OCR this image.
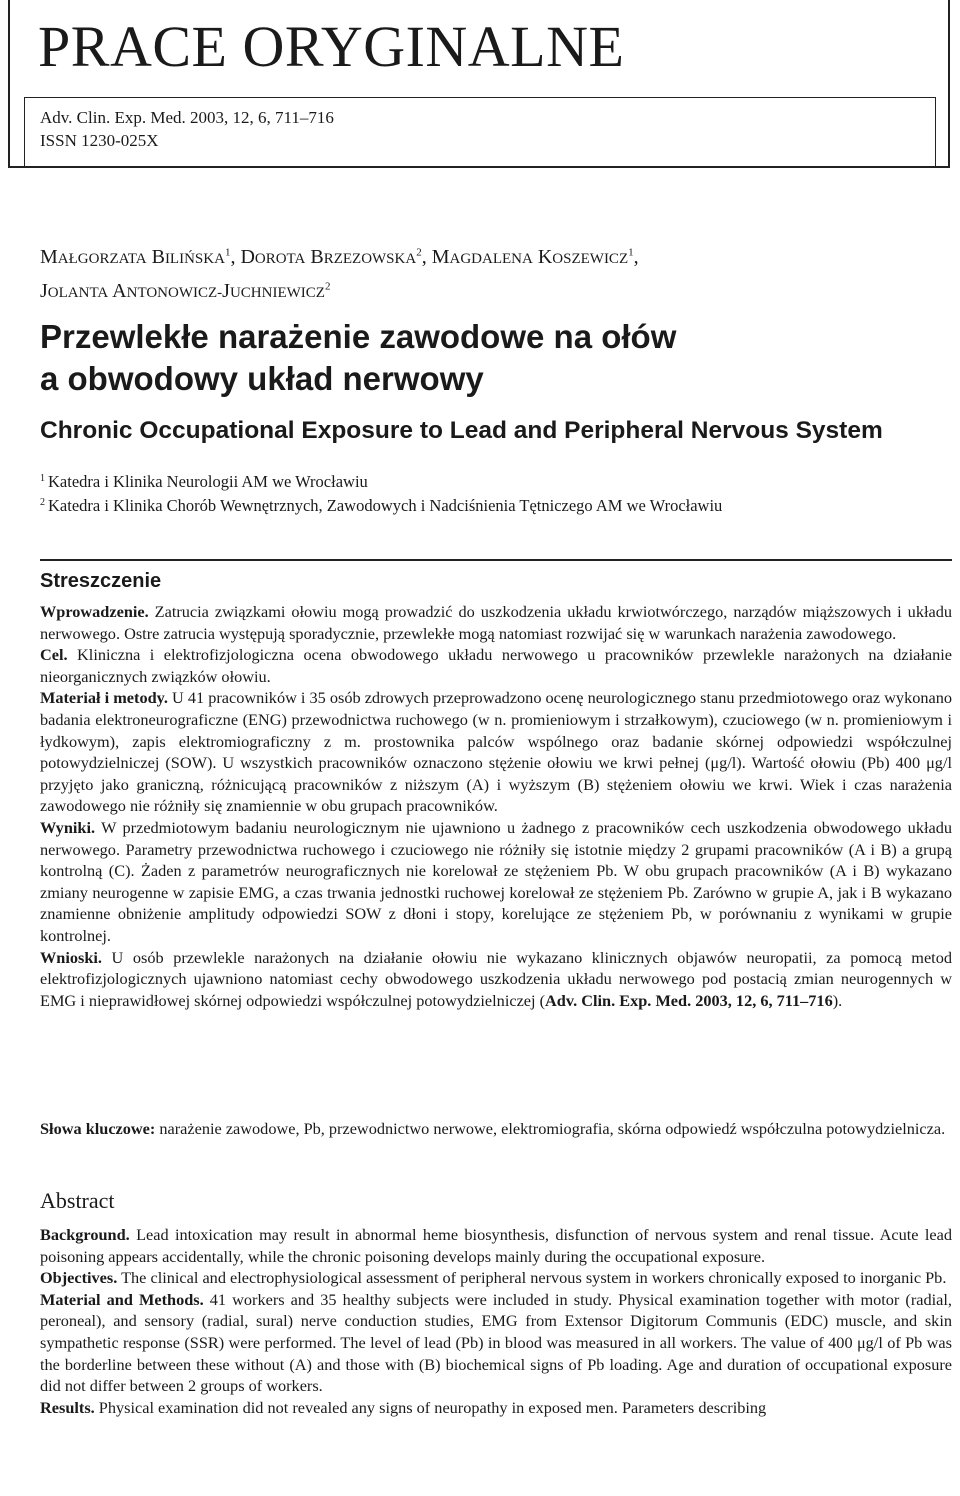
PRACE ORYGINALNE
Adv. Clin. Exp. Med. 2003, 12, 6, 711–716
ISSN 1230-025X
MAŁGORZATA BILIŃSKA$^1$, DOROTA BRZEZOWSKA$^2$, MAGDALENA KOSZEWICZ$^1$,
JOLANTA ANTONOWICZ-JUCHNIEWICZ$^2$
Przewlekłe narażenie zawodowe na ołów
a obwodowy układ nerwowy
Chronic Occupational Exposure to Lead and Peripheral Nervous System
$^1$ Katedra i Klinika Neurologii AM we Wrocławiu
$^2$ Katedra i Klinika Chorób Wewnętrznych, Zawodowych i Nadciśnienia Tętniczego AM we Wrocławiu
Streszczenie

Wprowadzenie. Zatrucia związkami ołowiu mogą prowadzić do uszkodzenia układu krwiotwórczego, narządów miąższowych i układu nerwowego. Ostre zatrucia występują sporadycznie, przewlekłe mogą natomiast rozwijać się w warunkach narażenia zawodowego.

Cel. Kliniczna i elektrofizjologiczna ocena obwodowego układu nerwowego u pracowników przewlekle narażonych na działanie nieorganicznych związków ołowiu.

Materiał i metody. U 41 pracowników i 35 osób zdrowych przeprowadzono ocenę neurologicznego stanu przedmiotowego oraz wykonano badania elektroneurograficzne (ENG) przewodnictwa ruchowego (w n. promieniowym i strzałkowym), czuciowego (w n. promieniowym i łydkowym), zapis elektromiograficzny z m. prostownika palców wspólnego oraz badanie skórnej odpowiedzi współczulnej potowydzielniczej (SOW). U wszystkich pracowników oznaczono stężenie ołowiu we krwi pełnej (μg/l). Wartość ołowiu (Pb) 400 μg/l przyjęto jako graniczną, różnicującą pracowników z niższym (A) i wyższym (B) stężeniem ołowiu we krwi. Wiek i czas narażenia zawodowego nie różniły się znamiennie w obu grupach pracowników.

Wyniki. W przedmiotowym badaniu neurologicznym nie ujawniono u żadnego z pracowników cech uszkodzenia obwodowego układu nerwowego. Parametry przewodnictwa ruchowego i czuciowego nie różniły się istotnie między 2 grupami pracowników (A i B) a grupą kontrolną (C). Żaden z parametrów neurograficznych nie korelował ze stężeniem Pb. W obu grupach pracowników (A i B) wykazano zmiany neurogenne w zapisie EMG, a czas trwania jednostki ruchowej korelował ze stężeniem Pb. Zarówno w grupie A, jak i B wykazano znamienne obniżenie amplitudy odpowiedzi SOW z dłoni i stopy, korelujące ze stężeniem Pb, w porównaniu z wynikami w grupie kontrolnej.

Wnioski. U osób przewlekle narażonych na działanie ołowiu nie wykazano klinicznych objawów neuropatii, za pomocą metod elektrofizjologicznych ujawniono natomiast cechy obwodowego uszkodzenia układu nerwowego pod postacią zmian neurogennych w EMG i nieprawidłowej skórnej odpowiedzi współczulnej potowydzielniczej (Adv. Clin. Exp. Med. 2003, 12, 6, 711–716).

Słowa kluczowe: narażenie zawodowe, Pb, przewodnictwo nerwowe, elektromiografia, skórna odpowiedź współczulna potowydzielnicza.
Abstract

Background. Lead intoxication may result in abnormal heme biosynthesis, disfunction of nervous system and renal tissue. Acute lead poisoning appears accidentally, while the chronic poisoning develops mainly during the occupational exposure.

Objectives. The clinical and electrophysiological assessment of peripheral nervous system in workers chronically exposed to inorganic Pb.

Material and Methods. 41 workers and 35 healthy subjects were included in study. Physical examination together with motor (radial, peroneal), and sensory (radial, sural) nerve conduction studies, EMG from Extensor Digitorum Communis (EDC) muscle, and skin sympathetic response (SSR) were performed. The level of lead (Pb) in blood was measured in all workers. The value of 400 μg/l of Pb was the borderline between these without (A) and those with (B) biochemical signs of Pb loading. Age and duration of occupational exposure did not differ between 2 groups of workers.

Results. Physical examination did not revealed any signs of neuropathy in exposed men. Parameters describing
